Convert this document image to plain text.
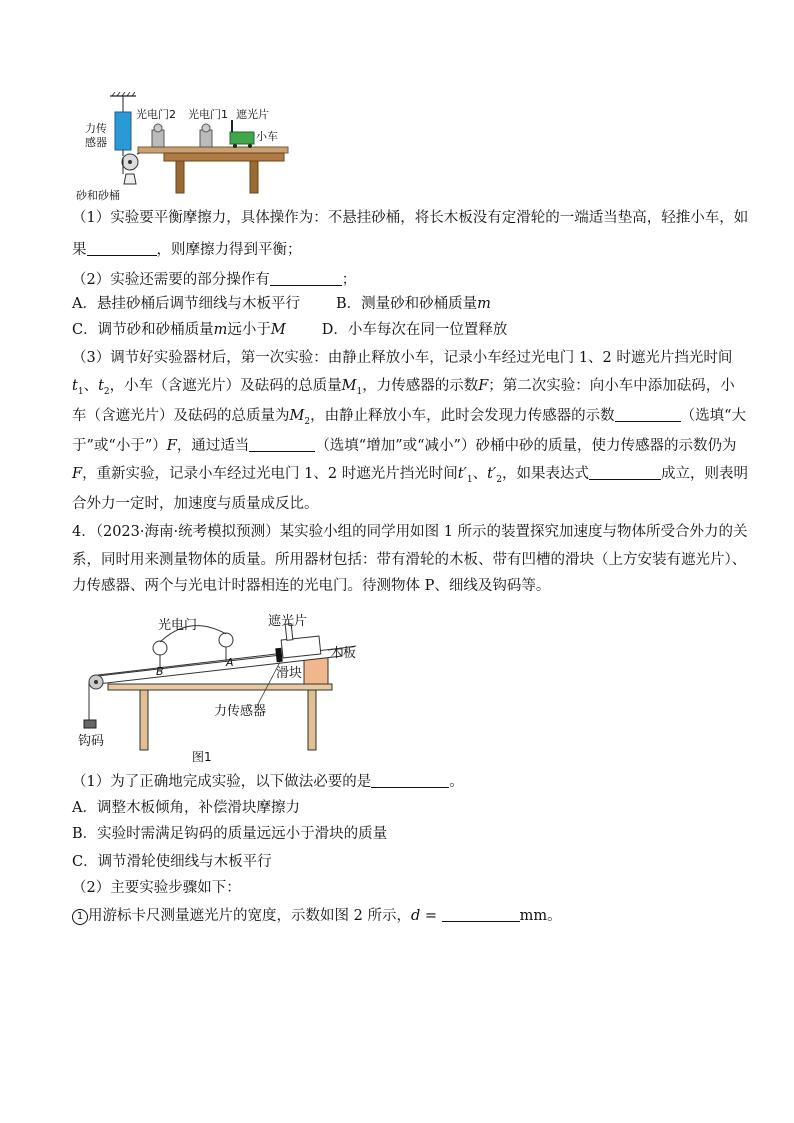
力传
感器
光电门2 光电门1 遮光片
小车
砂和砂桶
（1）实验要平衡摩擦力，具体操作为：不悬挂砂桶，将长木板没有定滑轮的一端适当垫高，轻推小车，如
果	，则摩擦力得到平衡；
（2）实验还需要的部分操作有	；
A．悬挂砂桶后调节细线与木板平行 B．测量砂和砂桶质量m
C．调节砂和砂桶质量m远小于M D．小车每次在同一位置释放
（3）调节好实验器材后，第一次实验：由静止释放小车，记录小车经过光电门 1、2 时遮光片挡光时间
$t_1$、$t_2$，小车（含遮光片）及砝码的总质量$M_1$，力传感器的示数F；第二次实验：向小车中添加砝码，小
车（含遮光片）及砝码的总质量为$M_2$，由静止释放小车，此时会发现力传感器的示数	（选填“大
于”或“小于”）F，通过适当	（选填“增加”或“减小”）砂桶中砂的质量，使力传感器的示数仍为
F，重新实验，记录小车经过光电门 1、2 时遮光片挡光时间$t'_1$、$t'_2$，如果表达式	成立，则表明
合外力一定时，加速度与质量成反比。
4．（2023·海南·统考模拟预测）某实验小组的同学用如图 1 所示的装置探究加速度与物体所受合外力的关
系，同时用来测量物体的质量。所用器材包括：带有滑轮的木板、带有凹槽的滑块（上方安装有遮光片）、
力传感器、两个与光电计时器相连的光电门。待测物体 P、细线及钩码等。
光电门	遮光片
木板
滑块
力传感器
钩码
B
A
图1
（1）为了正确地完成实验，以下做法必要的是	。
A．调整木板倾角，补偿滑块摩擦力
B．实验时需满足钩码的质量远远小于滑块的质量
C．调节滑轮使细线与木板平行
（2）主要实验步骤如下：
1 用游标卡尺测量遮光片的宽度，示数如图 2 所示，d =	mm。
